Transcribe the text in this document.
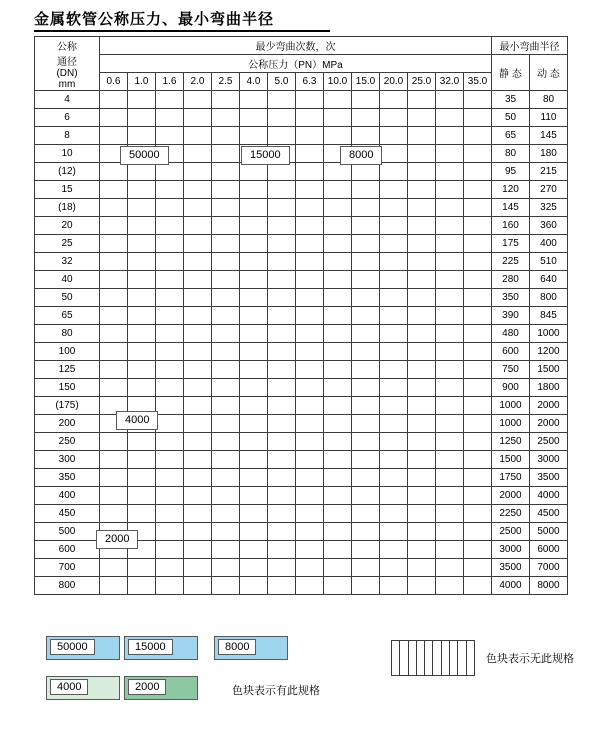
金属软管公称压力、最小弯曲半径
公称
通径
(DN)
mm	最少弯曲次数，次														最小弯曲半径	
	公称压力（PN）MPa														静 态	动 态
	0.6	1.0	1.6	2.0	2.5	4.0	5.0	6.3	10.0	15.0	20.0	25.0	32.0	35.0		
4															35	80
6															50	110
8															65	145
10															80	180
(12)															95	215
15															120	270
(18)															145	325
20															160	360
25															175	400
32															225	510
40															280	640
50															350	800
65															390	845
80															480	1000
100															600	1200
125															750	1500
150															900	1800
(175)															1000	2000
200															1000	2000
250															1250	2500
300															1500	3000
350															1750	3500
400															2000	4000
450															2250	4500
500															2500	5000
600															3000	6000
700															3500	7000
800															4000	8000
50000	15000	8000
4000
2000
50000	15000	8000
4000	2000	色块表示有此规格
色块表示无此规格
